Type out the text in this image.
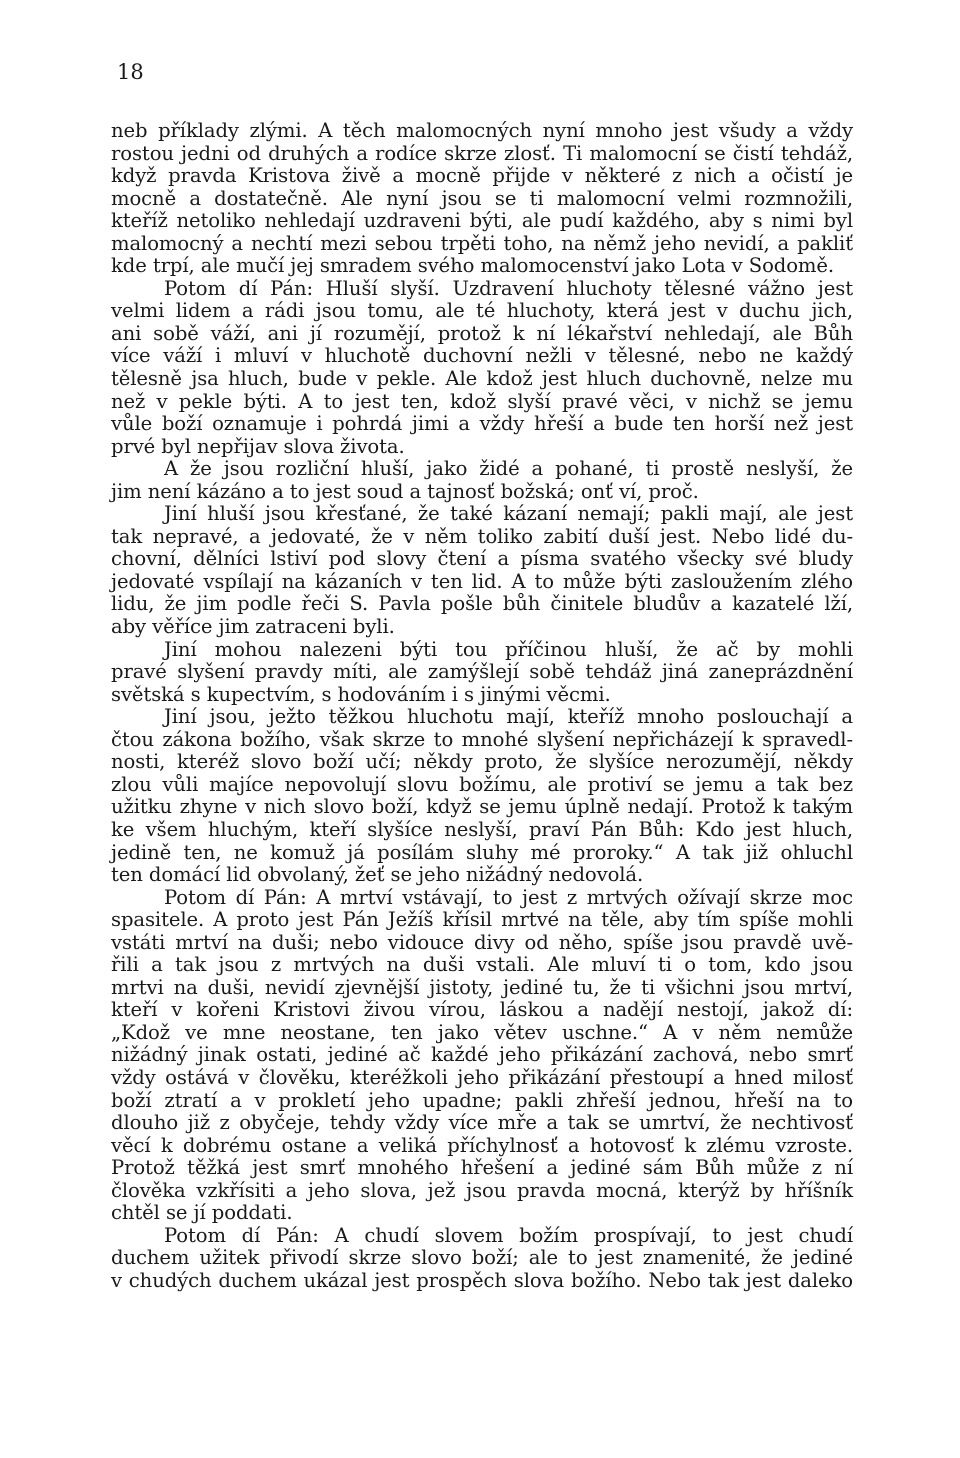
18
neb příklady zlými. A těch malomocných nyní mnoho jest všudy a vždy
rostou jedni od druhých a rodíce skrze zlosť. Ti malomocní se čistí tehdáž,
když pravda Kristova živě a mocně přijde v některé z nich a očistí je
mocně a dostatečně. Ale nyní jsou se ti malomocní velmi rozmnožili,
kteříž netoliko nehledají uzdraveni býti, ale pudí každého, aby s nimi byl
malomocný a nechtí mezi sebou trpěti toho, na němž jeho nevidí, a pakliť
kde trpí, ale mučí jej smradem svého malomocenství jako Lota v Sodomě.
Potom dí Pán: Hluší slyší. Uzdravení hluchoty tělesné vážno jest
velmi lidem a rádi jsou tomu, ale té hluchoty, která jest v duchu jich,
ani sobě váží, ani jí rozumějí, protož k ní lékařství nehledají, ale Bůh
více váží i mluví v hluchotě duchovní nežli v tělesné, nebo ne každý
tělesně jsa hluch, bude v pekle. Ale kdož jest hluch duchovně, nelze mu
než v pekle býti. A to jest ten, kdož slyší pravé věci, v nichž se jemu
vůle boží oznamuje i pohrdá jimi a vždy hřeší a bude ten horší než jest
prvé byl nepřijav slova života.
A že jsou rozliční hluší, jako židé a pohané, ti prostě neslyší, že
jim není kázáno a to jest soud a tajnosť božská; onť ví, proč.
Jiní hluší jsou křesťané, že také kázaní nemají; pakli mají, ale jest
tak nepravé, a jedovaté, že v něm toliko zabití duší jest. Nebo lidé du-
chovní, dělníci lstiví pod slovy čtení a písma svatého všecky své bludy
jedovaté vspílají na kázaních v ten lid. A to může býti zasloužením zlého
lidu, že jim podle řeči S. Pavla pošle bůh činitele bludův a kazatelé lží,
aby věříce jim zatraceni byli.
Jiní mohou nalezeni býti tou příčinou hluší, že ač by mohli
pravé slyšení pravdy míti, ale zamýšlejí sobě tehdáž jiná zaneprázdnění
světská s kupectvím, s hodováním i s jinými věcmi.
Jiní jsou, ježto těžkou hluchotu mají, kteříž mnoho poslouchají a
čtou zákona božího, však skrze to mnohé slyšení nepřicházejí k spravedl-
nosti, kteréž slovo boží učí; někdy proto, že slyšíce nerozumějí, někdy
zlou vůli majíce nepovolují slovu božímu, ale protiví se jemu a tak bez
užitku zhyne v nich slovo boží, když se jemu úplně nedají. Protož k takým
ke všem hluchým, kteří slyšíce neslyší, praví Pán Bůh: Kdo jest hluch,
jedině ten, ne komuž já posílám sluhy mé proroky.“ A tak již ohluchl
ten domácí lid obvolaný, žeť se jeho nižádný nedovolá.
Potom dí Pán: A mrtví vstávají, to jest z mrtvých ožívají skrze moc
spasitele. A proto jest Pán Ježíš křísil mrtvé na těle, aby tím spíše mohli
vstáti mrtví na duši; nebo vidouce divy od něho, spíše jsou pravdě uvě-
řili a tak jsou z mrtvých na duši vstali. Ale mluví ti o tom, kdo jsou
mrtvi na duši, nevidí zjevnější jistoty, jediné tu, že ti všichni jsou mrtví,
kteří v kořeni Kristovi živou vírou, láskou a nadějí nestojí, jakož dí:
„Kdož ve mne neostane, ten jako větev uschne.“ A v něm nemůže
nižádný jinak ostati, jediné ač každé jeho přikázání zachová, nebo smrť
vždy ostává v člověku, kteréžkoli jeho přikázání přestoupí a hned milosť
boží ztratí a v prokletí jeho upadne; pakli zhřeší jednou, hřeší na to
dlouho již z obyčeje, tehdy vždy více mře a tak se umrtví, že nechtivosť
věcí k dobrému ostane a veliká příchylnosť a hotovosť k zlému vzroste.
Protož těžká jest smrť mnohého hřešení a jediné sám Bůh může z ní
člověka vzkřísiti a jeho slova, jež jsou pravda mocná, kterýž by hříšník
chtěl se jí poddati.
Potom dí Pán: A chudí slovem božím prospívají, to jest chudí
duchem užitek přivodí skrze slovo boží; ale to jest znamenité, že jediné
v chudých duchem ukázal jest prospěch slova božího. Nebo tak jest daleko
